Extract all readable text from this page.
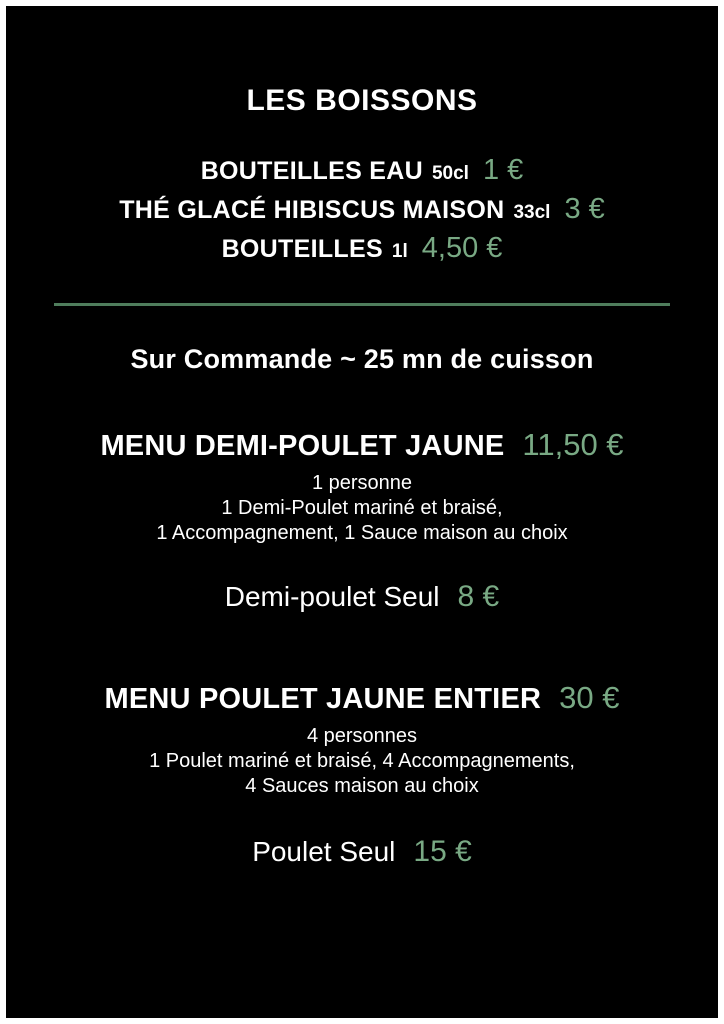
LES BOISSONS
BOUTEILLES EAU 50cl 1 €
THÉ GLACÉ HIBISCUS MAISON 33cl 3 €
BOUTEILLES 1l 4,50 €
Sur Commande ~ 25 mn de cuisson
MENU DEMI-POULET JAUNE 11,50 €
1 personne
1 Demi-Poulet mariné et braisé,
1 Accompagnement, 1 Sauce maison au choix
Demi-poulet Seul 8 €
MENU POULET JAUNE ENTIER 30 €
4 personnes
1 Poulet mariné et braisé, 4 Accompagnements,
4 Sauces maison au choix
Poulet Seul 15 €
